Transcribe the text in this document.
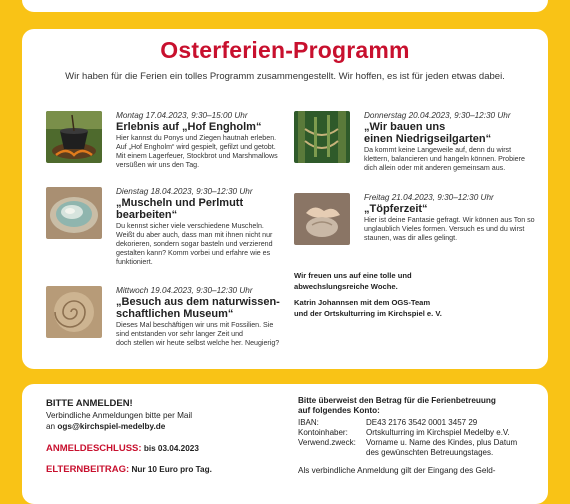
Osterferien-Programm
Wir haben für die Ferien ein tolles Programm zusammengestellt. Wir hoffen, es ist für jeden etwas dabei.
Montag 17.04.2023, 9:30–15:00 Uhr
Erlebnis auf „Hof Engholm“
Hier kannst du Ponys und Ziegen hautnah erleben.
Auf „Hof Engholm“ wird gespielt, gefilzt und getobt.
Mit einem Lagerfeuer, Stockbrot und Marshmallows
versüßen wir uns den Tag.
Dienstag 18.04.2023, 9:30–12:30 Uhr
„Muscheln und Perlmutt
bearbeiten“
Du kennst sicher viele verschiedene Muscheln.
Weißt du aber auch, dass man mit ihnen nicht nur
dekorieren, sondern sogar basteln und verzierend
gestalten kann? Komm vorbei und erfahre wie es
funktioniert.
Mittwoch 19.04.2023, 9:30–12:30 Uhr
„Besuch aus dem naturwissen-
schaftlichen Museum“
Dieses Mal beschäftigen wir uns mit Fossilien. Sie
sind entstanden vor sehr langer Zeit und
doch stellen wir heute selbst welche her. Neugierig?
Donnerstag 20.04.2023, 9:30–12:30 Uhr
„Wir bauen uns
einen Niedrigseilgarten“
Da kommt keine Langeweile auf, denn du wirst
klettern, balancieren und hangeln können. Probiere
dich allein oder mit anderen gemeinsam aus.
Freitag 21.04.2023, 9:30–12:30 Uhr
„Töpferzeit“
Hier ist deine Fantasie gefragt. Wir können aus Ton so
unglaublich Vieles formen. Versuch es und du wirst
staunen, was dir alles gelingt.
Wir freuen uns auf eine tolle und
abwechslungsreiche Woche.
Katrin Johannsen mit dem OGS-Team
und der Ortskulturring im Kirchspiel e. V.
BITTE ANMELDEN!
Verbindliche Anmeldungen bitte per Mail
an ogs@kirchspiel-medelby.de
ANMELDESCHLUSS: bis 03.04.2023
ELTERNBEITRAG: Nur 10 Euro pro Tag.
Bitte überweist den Betrag für die Ferienbetreuung
auf folgendes Konto:
IBAN:	DE43 2176 3542 0001 3457 29
Kontoinhaber: Ortskulturring im Kirchspiel Medelby e.V.
Verwend.zweck: Vorname u. Name des Kindes, plus Datum
des gewünschten Betreuungstages.
Als verbindliche Anmeldung gilt der Eingang des Geld-
